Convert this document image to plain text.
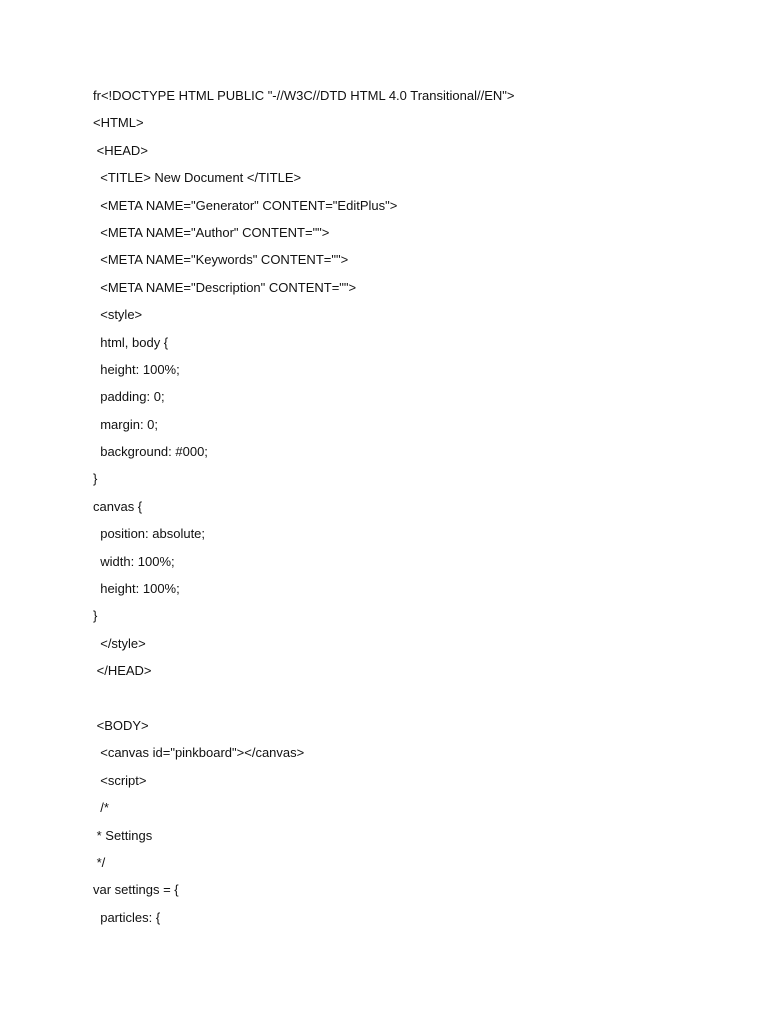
fr<!DOCTYPE HTML PUBLIC "-//W3C//DTD HTML 4.0 Transitional//EN">
<HTML>
<HEAD>
<TITLE> New Document </TITLE>
<META NAME="Generator" CONTENT="EditPlus">
<META NAME="Author" CONTENT="">
<META NAME="Keywords" CONTENT="">
<META NAME="Description" CONTENT="">
<style>
html, body {
height: 100%;
padding: 0;
margin: 0;
background: #000;
}
canvas {
position: absolute;
width: 100%;
height: 100%;
}
</style>
</HEAD>
<BODY>
<canvas id="pinkboard"></canvas>
<script>
/*
* Settings
*/
var settings = {
particles: {
